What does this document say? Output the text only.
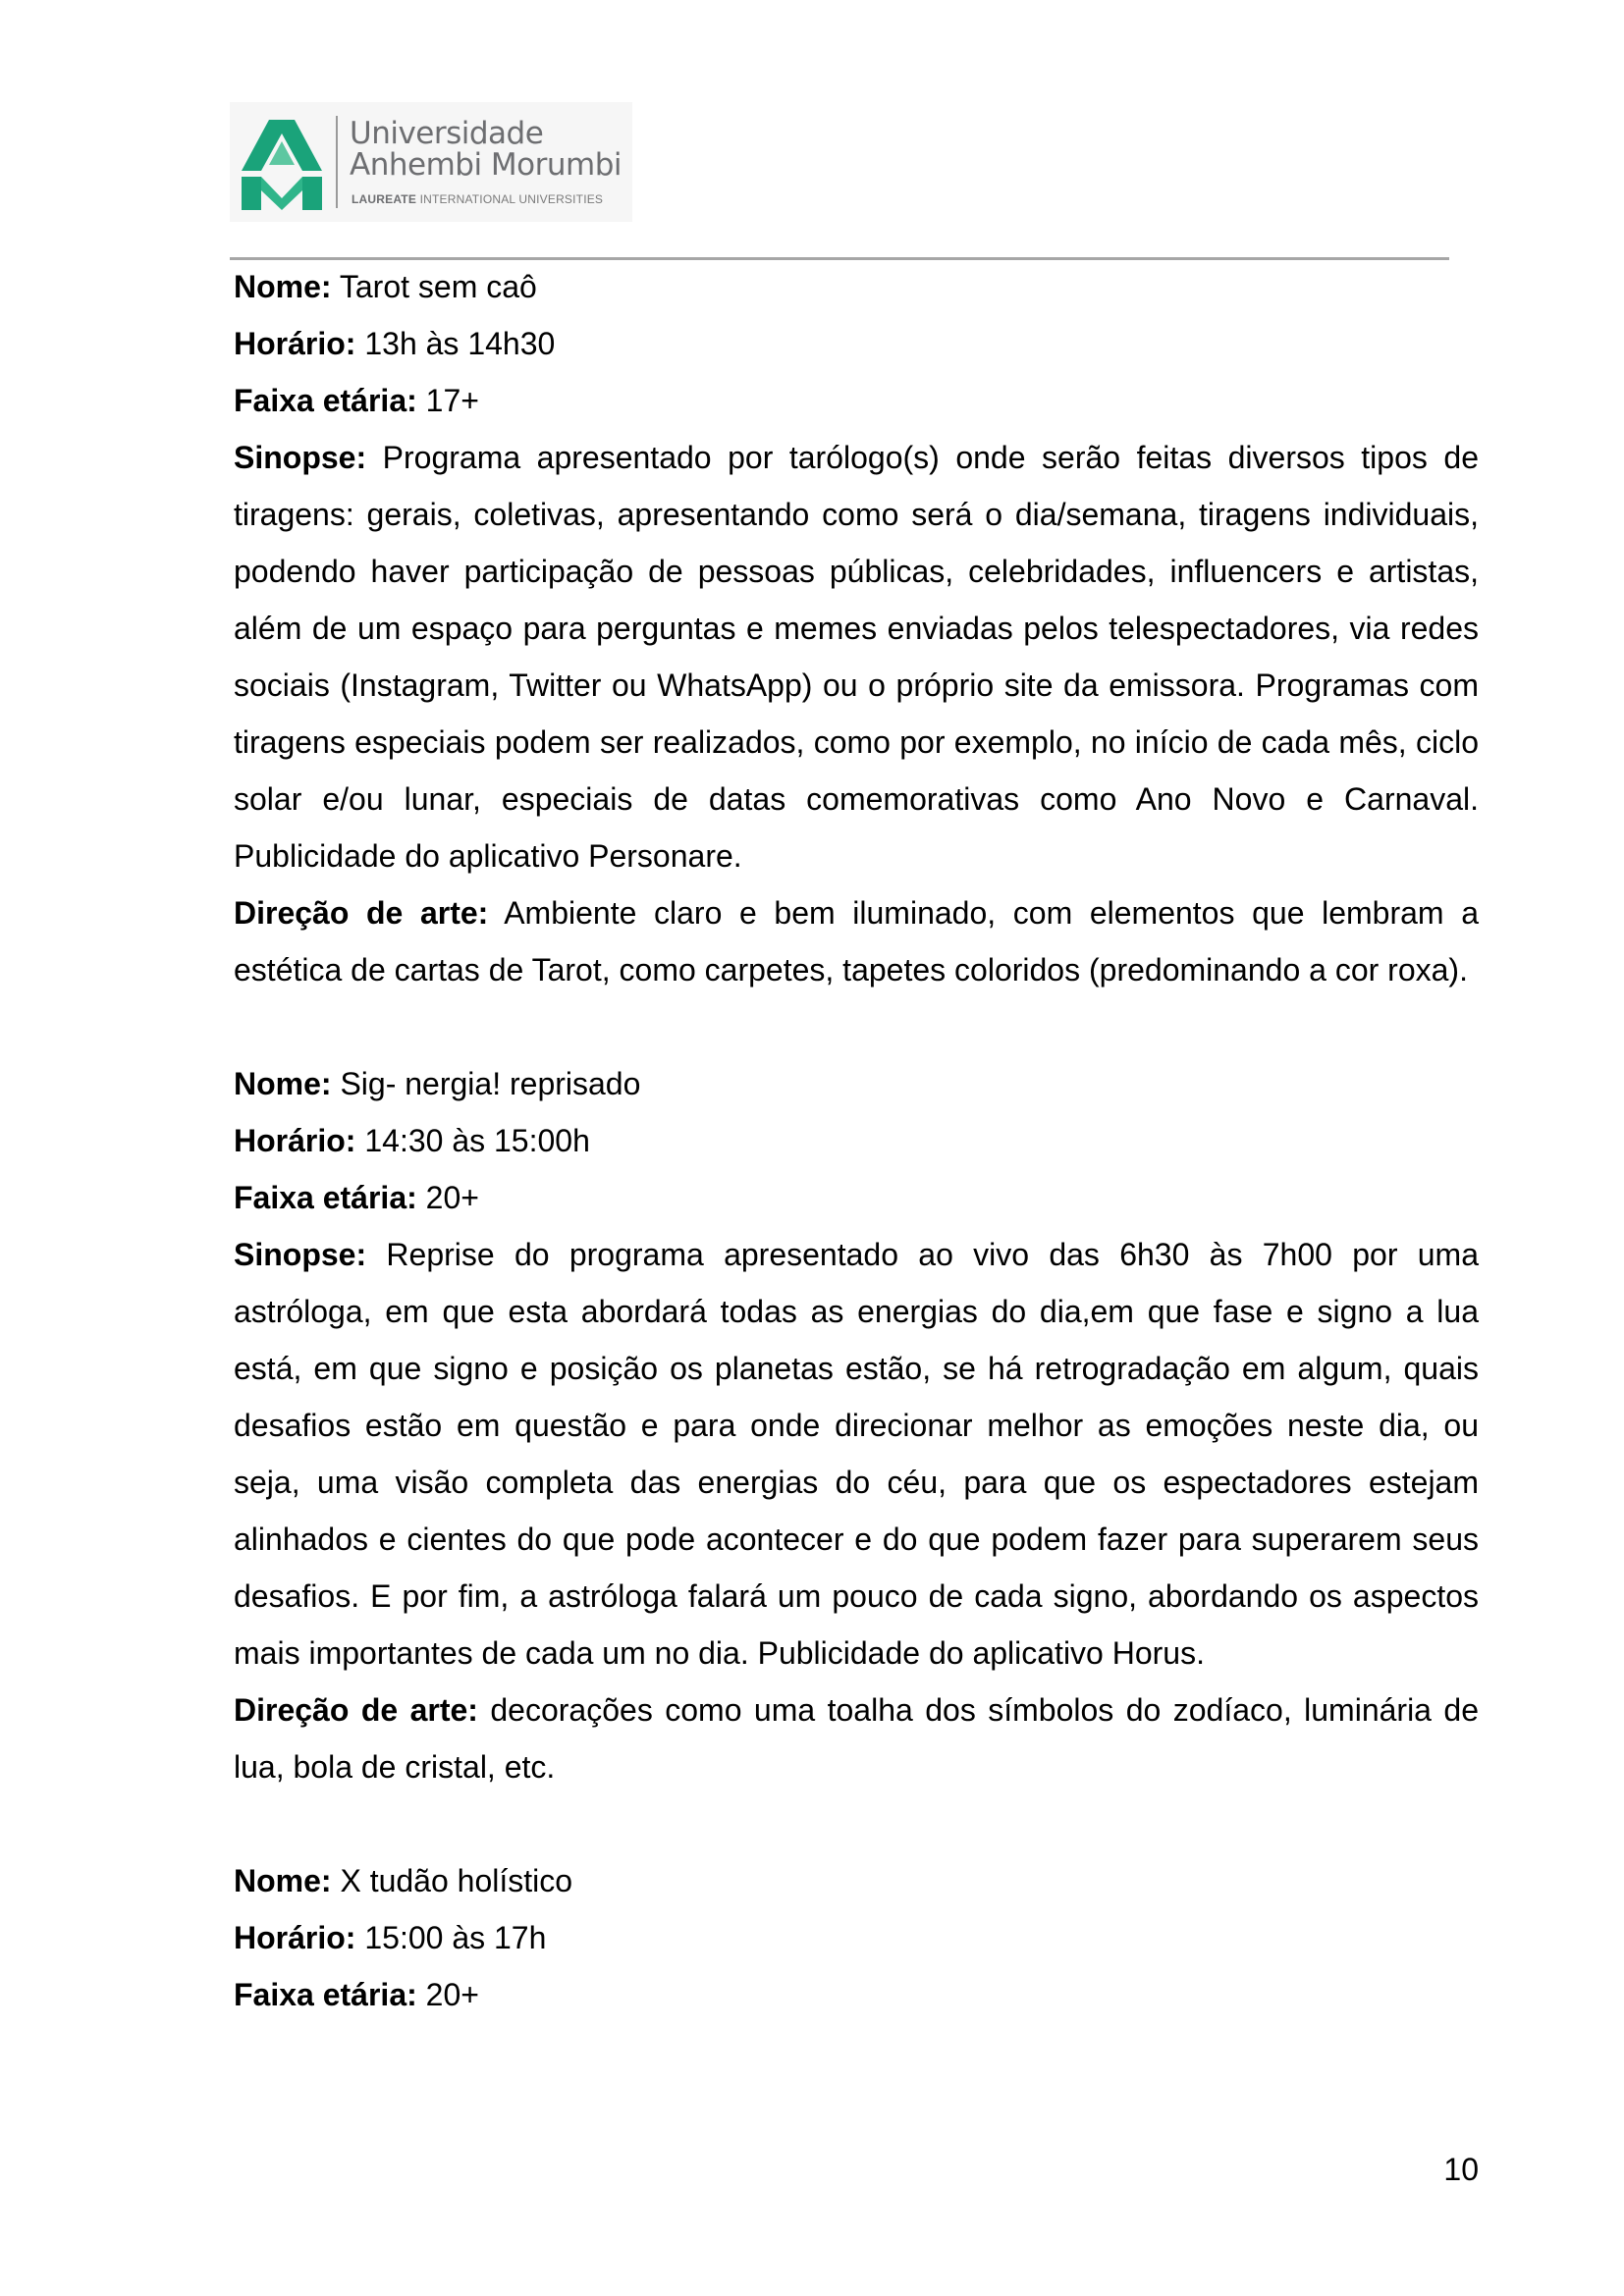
Universidade
Anhembi Morumbi
LAUREATE INTERNATIONAL UNIVERSITIES

Nome: Tarot sem caô

Horário: 13h às 14h30

Faixa etária: 17+

Sinopse: Programa apresentado por tarólogo(s) onde serão feitas diversos tipos de tiragens: gerais, coletivas, apresentando como será o dia/semana, tiragens individuais, podendo haver participação de pessoas públicas, celebridades, influencers e artistas, além de um espaço para perguntas e memes enviadas pelos telespectadores, via redes sociais (Instagram, Twitter ou WhatsApp) ou o próprio site da emissora. Programas com tiragens especiais podem ser realizados, como por exemplo, no início de cada mês, ciclo solar e/ou lunar, especiais de datas comemorativas como Ano Novo e Carnaval. Publicidade do aplicativo Personare.

Direção de arte: Ambiente claro e bem iluminado, com elementos que lembram a estética de cartas de Tarot, como carpetes, tapetes coloridos (predominando a cor roxa).

Nome: Sig- nergia! reprisado

Horário: 14:30 às 15:00h

Faixa etária: 20+

Sinopse: Reprise do programa apresentado ao vivo das 6h30 às 7h00 por uma astróloga, em que esta abordará todas as energias do dia,em que fase e signo a lua está, em que signo e posição os planetas estão, se há retrogradação em algum, quais desafios estão em questão e para onde direcionar melhor as emoções neste dia, ou seja, uma visão completa das energias do céu, para que os espectadores estejam alinhados e cientes do que pode acontecer e do que podem fazer para superarem seus desafios. E por fim, a astróloga falará um pouco de cada signo, abordando os aspectos mais importantes de cada um no dia. Publicidade do aplicativo Horus.

Direção de arte: decorações como uma toalha dos símbolos do zodíaco, luminária de lua, bola de cristal, etc.

Nome: X tudão holístico

Horário: 15:00 às 17h

Faixa etária: 20+

10
